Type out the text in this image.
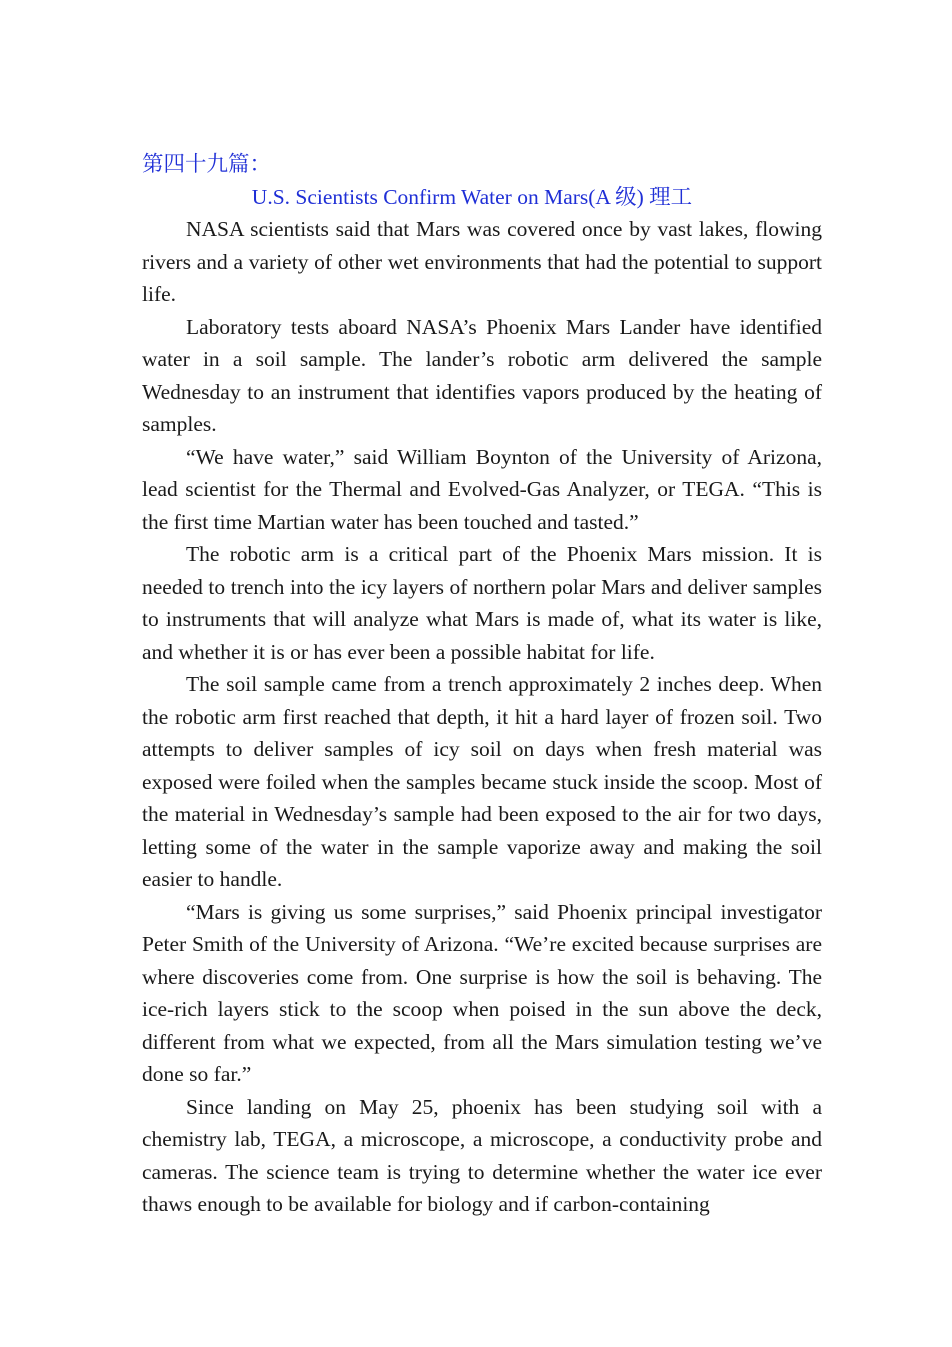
第四十九篇：

U.S. Scientists Confirm Water on Mars(A 级) 理工

NASA scientists said that Mars was covered once by vast lakes, flowing rivers and a variety of other wet environments that had the potential to support life.

Laboratory tests aboard NASA’s Phoenix Mars Lander have identified water in a soil sample. The lander’s robotic arm delivered the sample Wednesday to an instrument that identifies vapors produced by the heating of samples.

“We have water,” said William Boynton of the University of Arizona, lead scientist for the Thermal and Evolved-Gas Analyzer, or TEGA. “This is the first time Martian water has been touched and tasted.”

The robotic arm is a critical part of the Phoenix Mars mission. It is needed to trench into the icy layers of northern polar Mars and deliver samples to instruments that will analyze what Mars is made of, what its water is like, and whether it is or has ever been a possible habitat for life.

The soil sample came from a trench approximately 2 inches deep. When the robotic arm first reached that depth, it hit a hard layer of frozen soil. Two attempts to deliver samples of icy soil on days when fresh material was exposed were foiled when the samples became stuck inside the scoop. Most of the material in Wednesday’s sample had been exposed to the air for two days, letting some of the water in the sample vaporize away and making the soil easier to handle.

“Mars is giving us some surprises,” said Phoenix principal investigator Peter Smith of the University of Arizona. “We’re excited because surprises are where discoveries come from. One surprise is how the soil is behaving. The ice-rich layers stick to the scoop when poised in the sun above the deck, different from what we expected, from all the Mars simulation testing we’ve done so far.”

Since landing on May 25, phoenix has been studying soil with a chemistry lab, TEGA, a microscope, a microscope, a conductivity probe and cameras. The science team is trying to determine whether the water ice ever thaws enough to be available for biology and if carbon-containing
